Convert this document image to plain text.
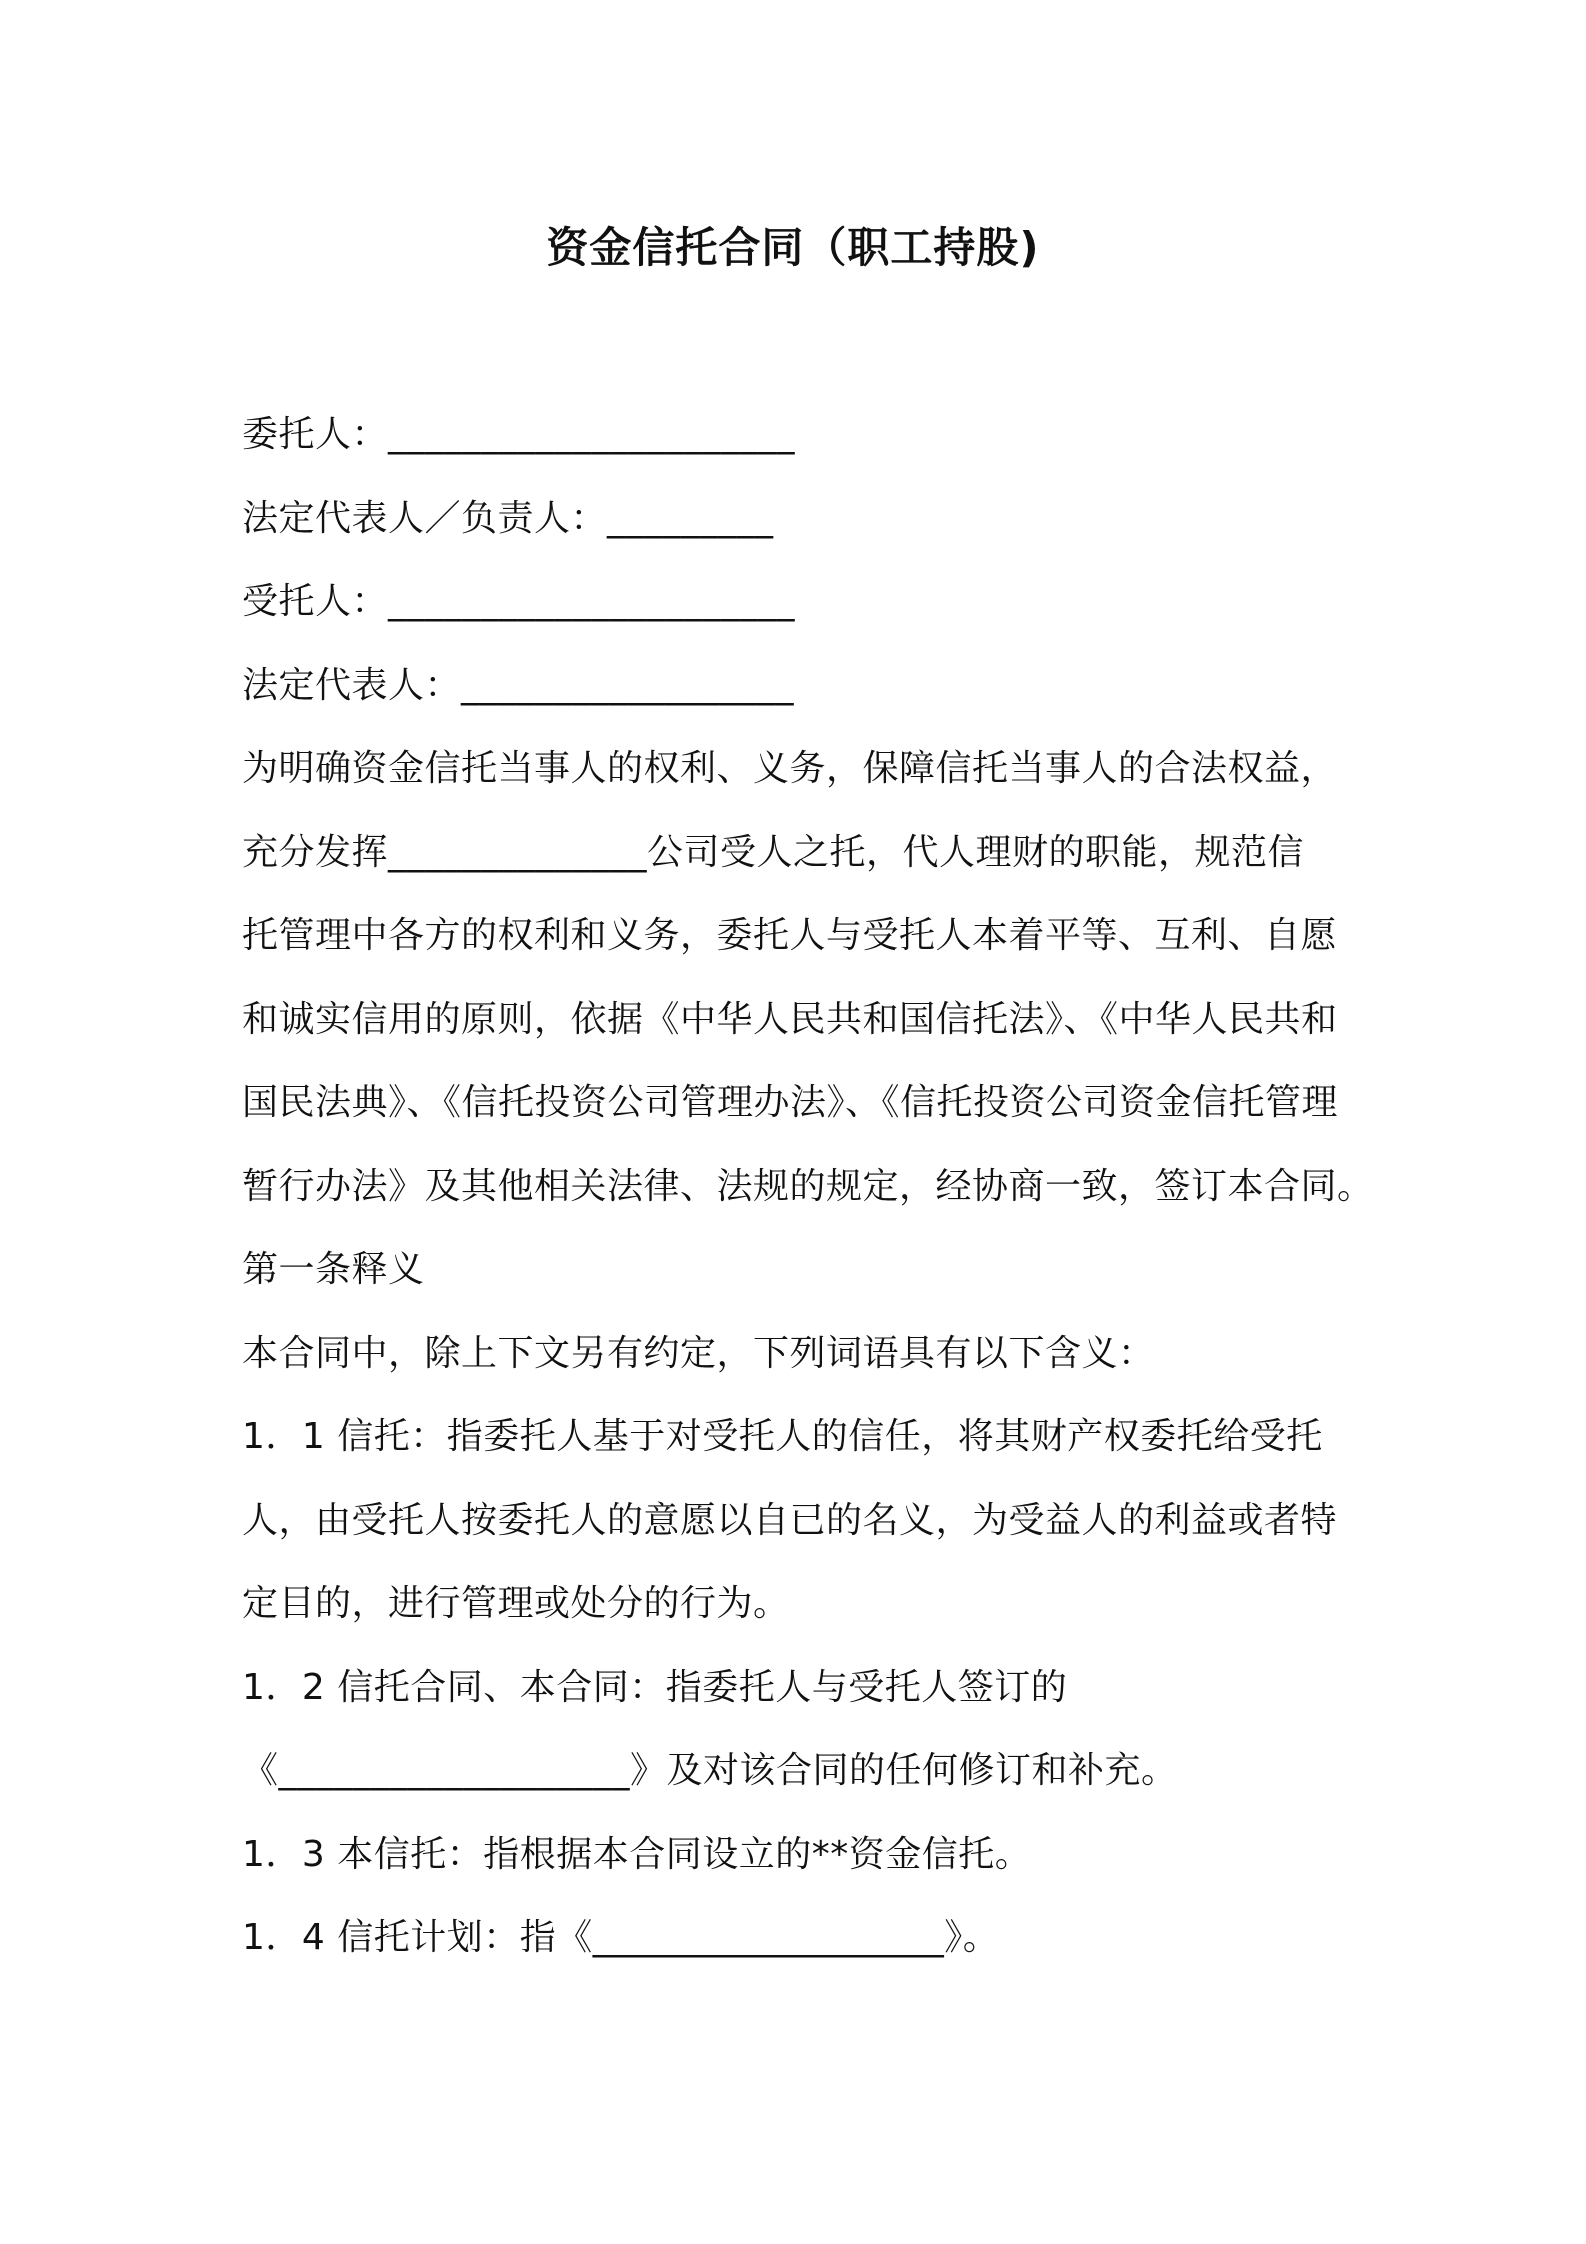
资金信托合同（职工持股)
委托人：______________________
法定代表人／负责人：_________
受托人：______________________
法定代表人：__________________
为明确资金信托当事人的权利、义务，保障信托当事人的合法权益，
充分发挥______________公司受人之托，代人理财的职能，规范信
托管理中各方的权利和义务，委托人与受托人本着平等、互利、自愿
和诚实信用的原则，依据《中华人民共和国信托法》、《中华人民共和
国民法典》、《信托投资公司管理办法》、《信托投资公司资金信托管理
暂行办法》及其他相关法律、法规的规定，经协商一致，签订本合同。
第一条释义
本合同中，除上下文另有约定，下列词语具有以下含义：
1．1 信托：指委托人基于对受托人的信任，将其财产权委托给受托
人，由受托人按委托人的意愿以自已的名义，为受益人的利益或者特
定目的，进行管理或处分的行为。
1．2 信托合同、本合同：指委托人与受托人签订的
《___________________》及对该合同的任何修订和补充。
1．3 本信托：指根据本合同设立的**资金信托。
1．4 信托计划：指《___________________》。
